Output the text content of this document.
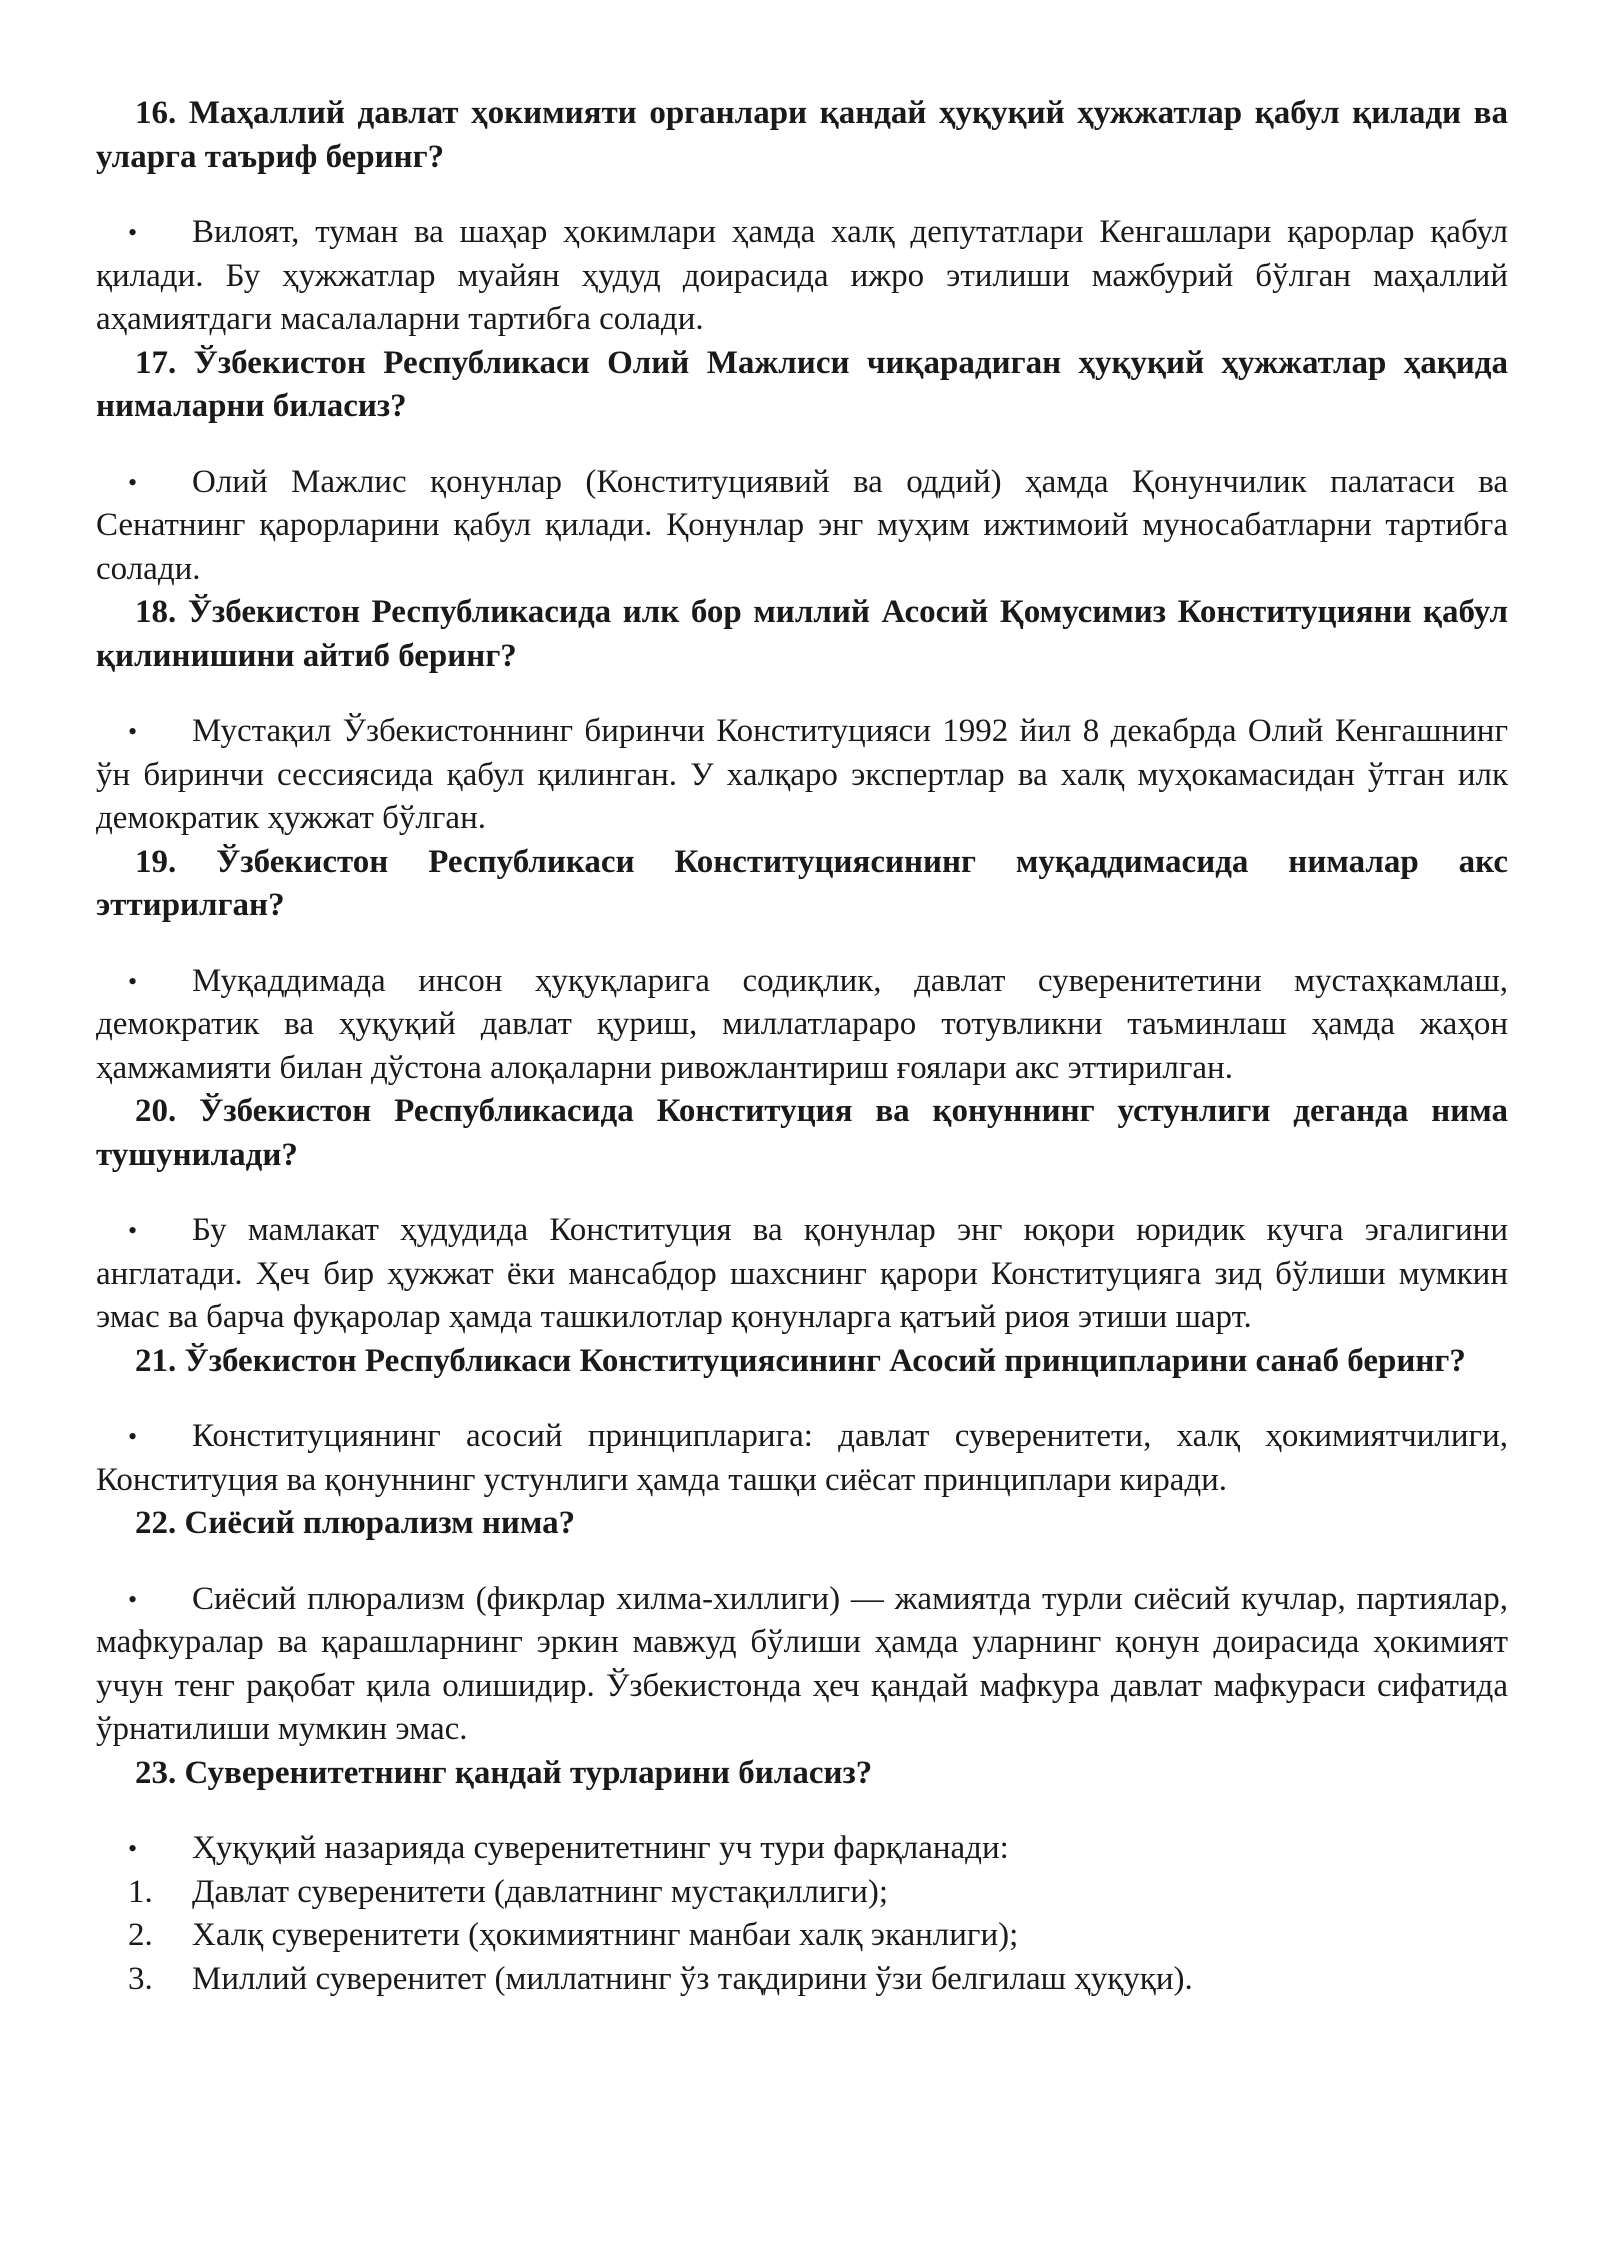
16. Маҳаллий давлат ҳокимияти органлари қандай ҳуқуқий ҳужжатлар қабул қилади ва уларга таъриф беринг?

• Вилоят, туман ва шаҳар ҳокимлари ҳамда халқ депутатлари Кенгашлари қарорлар қабул қилади. Бу ҳужжатлар муайян ҳудуд доирасида ижро этилиши мажбурий бўлган маҳаллий аҳамиятдаги масалаларни тартибга солади.

17. Ўзбекистон Республикаси Олий Мажлиси чиқарадиган ҳуқуқий ҳужжатлар ҳақида нималарни биласиз?

• Олий Мажлис қонунлар (Конституциявий ва оддий) ҳамда Қонунчилик палатаси ва Сенатнинг қарорларини қабул қилади. Қонунлар энг муҳим ижтимоий муносабатларни тартибга солади.

18. Ўзбекистон Республикасида илк бор миллий Асосий Қомусимиз Конституцияни қабул қилинишини айтиб беринг?

• Мустақил Ўзбекистоннинг биринчи Конституцияси 1992 йил 8 декабрда Олий Кенгашнинг ўн биринчи сессиясида қабул қилинган. У халқаро экспертлар ва халқ муҳокамасидан ўтган илк демократик ҳужжат бўлган.

19. Ўзбекистон Республикаси Конституциясининг муқаддимасида нималар акс эттирилган?

• Муқаддимада инсон ҳуқуқларига содиқлик, давлат суверенитетини мустаҳкамлаш, демократик ва ҳуқуқий давлат қуриш, миллатлараро тотувликни таъминлаш ҳамда жаҳон ҳамжамияти билан дўстона алоқаларни ривожлантириш ғоялари акс эттирилган.

20. Ўзбекистон Республикасида Конституция ва қонуннинг устунлиги деганда нима тушунилади?

• Бу мамлакат ҳудудида Конституция ва қонунлар энг юқори юридик кучга эгалигини англатади. Ҳеч бир ҳужжат ёки мансабдор шахснинг қарори Конституцияга зид бўлиши мумкин эмас ва барча фуқаролар ҳамда ташкилотлар қонунларга қатъий риоя этиши шарт.

21. Ўзбекистон Республикаси Конституциясининг Асосий принципларини санаб беринг?

• Конституциянинг асосий принципларига: давлат суверенитети, халқ ҳокимиятчилиги, Конституция ва қонуннинг устунлиги ҳамда ташқи сиёсат принциплари киради.

22. Сиёсий плюрализм нима?

• Сиёсий плюрализм (фикрлар хилма-хиллиги) — жамиятда турли сиёсий кучлар, партиялар, мафкуралар ва қарашларнинг эркин мавжуд бўлиши ҳамда уларнинг қонун доирасида ҳокимият учун тенг рақобат қила олишидир. Ўзбекистонда ҳеч қандай мафкура давлат мафкураси сифатида ўрнатилиши мумкин эмас.

23. Суверенитетнинг қандай турларини биласиз?

• Ҳуқуқий назарияда суверенитетнинг уч тури фарқланади:
1. Давлат суверенитети (давлатнинг мустақиллиги);
2. Халқ суверенитети (ҳокимиятнинг манбаи халқ эканлиги);
3. Миллий суверенитет (миллатнинг ўз тақдирини ўзи белгилаш ҳуқуқи).
